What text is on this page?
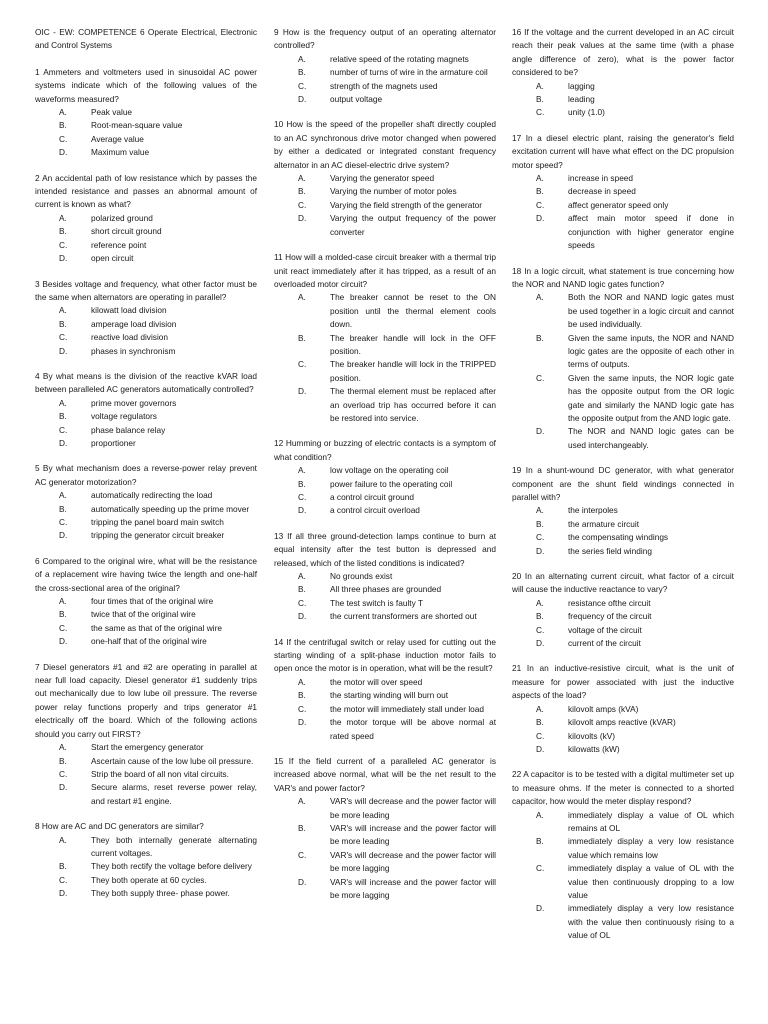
OIC - EW: COMPETENCE 6 Operate Electrical, Electronic and Control Systems
1 Ammeters and voltmeters used in sinusoidal AC power systems indicate which of the following values of the waveforms measured?
A.	Peak value
B.	Root-mean-square value
C.	Average value
D.	Maximum value
2 An accidental path of low resistance which by passes the intended resistance and passes an abnormal amount of current is known as what?
A.	polarized ground
B.	short circuit ground
C.	reference point
D.	open circuit
3 Besides voltage and frequency, what other factor must be the same when alternators are operating in parallel?
A.	kilowatt load division
B.	amperage load division
C.	reactive load division
D.	phases in synchronism
4 By what means is the division of the reactive kVAR load between paralleled AC generators automatically controlled?
A.	prime mover governors
B.	voltage regulators
C.	phase balance relay
D.	proportioner
5 By what mechanism does a reverse-power relay prevent AC generator motorization?
A.	automatically redirecting the load
B.	automatically speeding up the prime mover
C.	tripping the panel board main switch
D.	tripping the generator circuit breaker
6 Compared to the original wire, what will be the resistance of a replacement wire having twice the length and one-half the cross-sectional area of the original?
A.	four times that of the original wire
B.	twice that of the original wire
C.	the same as that of the original wire
D.	one-half that of the original wire
7 Diesel generators #1 and #2 are operating in parallel at near full load capacity. Diesel generator #1 suddenly trips out mechanically due to low lube oil pressure. The reverse power relay functions properly and trips generator #1 electrically off the board. Which of the following actions should you carry out FIRST?
A.	Start the emergency generator
B.	Ascertain cause of the low lube oil pressure.
C.	Strip the board of all non vital circuits.
D.	Secure alarms, reset reverse power relay, and restart #1 engine.
8 How are AC and DC generators are similar?
A.	They both internally generate alternating current voltages.
B.	They both rectify the voltage before delivery
C.	They both operate at 60 cycles.
D.	They both supply three- phase power.
9 How is the frequency output of an operating alternator controlled?
A.	relative speed of the rotating magnets
B.	number of turns of wire in the armature coil
C.	strength of the magnets used
D.	output voltage
10 How is the speed of the propeller shaft directly coupled to an AC synchronous drive motor changed when powered by either a dedicated or integrated constant frequency alternator in an AC diesel-electric drive system?
A.	Varying the generator speed
B.	Varying the number of motor poles
C.	Varying the field strength of the generator
D.	Varying the output frequency of the power converter
11 How will a molded-case circuit breaker with a thermal trip unit react immediately after it has tripped, as a result of an overloaded motor circuit?
A.	The breaker cannot be reset to the ON position until the thermal element cools down.
B.	The breaker handle will lock in the OFF position.
C.	The breaker handle will lock in the TRIPPED position.
D.	The thermal element must be replaced after an overload trip has occurred before it can be restored into service.
12 Humming or buzzing of electric contacts is a symptom of what condition?
A.	low voltage on the operating coil
B.	power failure to the operating coil
C.	a control circuit ground
D.	a control circuit overload
13 If all three ground-detection lamps continue to burn at equal intensity after the test button is depressed and released, which of the listed conditions is indicated?
A.	No grounds exist
B.	All three phases are grounded
C.	The test switch is faulty T
D.	the current transformers are shorted out
14 If the centrifugal switch or relay used for cutting out the starting winding of a split-phase induction motor fails to open once the motor is in operation, what will be the result?
A.	the motor will over speed
B.	the starting winding will burn out
C.	the motor will immediately stall under load
D.	the motor torque will be above normal at rated speed
15 If the field current of a paralleled AC generator is increased above normal, what will be the net result to the VAR's and power factor?
A.	VAR's will decrease and the power factor will be more leading
B.	VAR's will increase and the power factor will be more leading
C.	VAR's will decrease and the power factor will be more lagging
D.	VAR's will increase and the power factor will be more lagging
16 If the voltage and the current developed in an AC circuit reach their peak values at the same time (with a phase angle difference of zero), what is the power factor considered to be?
A.	lagging
B.	leading
C.	unity (1.0)
17 In a diesel electric plant, raising the generator's field excitation current will have what effect on the DC propulsion motor speed?
A.	increase in speed
B.	decrease in speed
C.	affect generator speed only
D.	affect main motor speed if done in conjunction with higher generator engine speeds
18 In a logic circuit, what statement is true concerning how the NOR and NAND logic gates function?
A.	Both the NOR and NAND logic gates must be used together in a logic circuit and cannot be used individually.
B.	Given the same inputs, the NOR and NAND logic gates are the opposite of each other in terms of outputs.
C.	Given the same inputs, the NOR logic gate has the opposite output from the OR logic gate and similarly the NAND logic gate has the opposite output from the AND logic gate.
D.	The NOR and NAND logic gates can be used interchangeably.
19 In a shunt-wound DC generator, with what generator component are the shunt field windings connected in parallel with?
A.	the interpoles
B.	the armature circuit
C.	the compensating windings
D.	the series field winding
20 In an alternating current circuit, what factor of a circuit will cause the inductive reactance to vary?
A.	resistance ofthe circuit
B.	frequency of the circuit
C.	voltage of the circuit
D.	current of the circuit
21 In an inductive-resistive circuit, what is the unit of measure for power associated with just the inductive aspects of the load?
A.	kilovolt amps (kVA)
B.	kilovolt amps reactive (kVAR)
C.	kilovolts (kV)
D.	kilowatts (kW)
22 A capacitor is to be tested with a digital multimeter set up to measure ohms. If the meter is connected to a shorted capacitor, how would the meter display respond?
A.	immediately display a value of OL which remains at OL
B.	immediately display a very low resistance value which remains low
C.	immediately display a value of OL with the value then continuously dropping to a low value
D.	immediately display a very low resistance with the value then continuously rising to a value of OL
